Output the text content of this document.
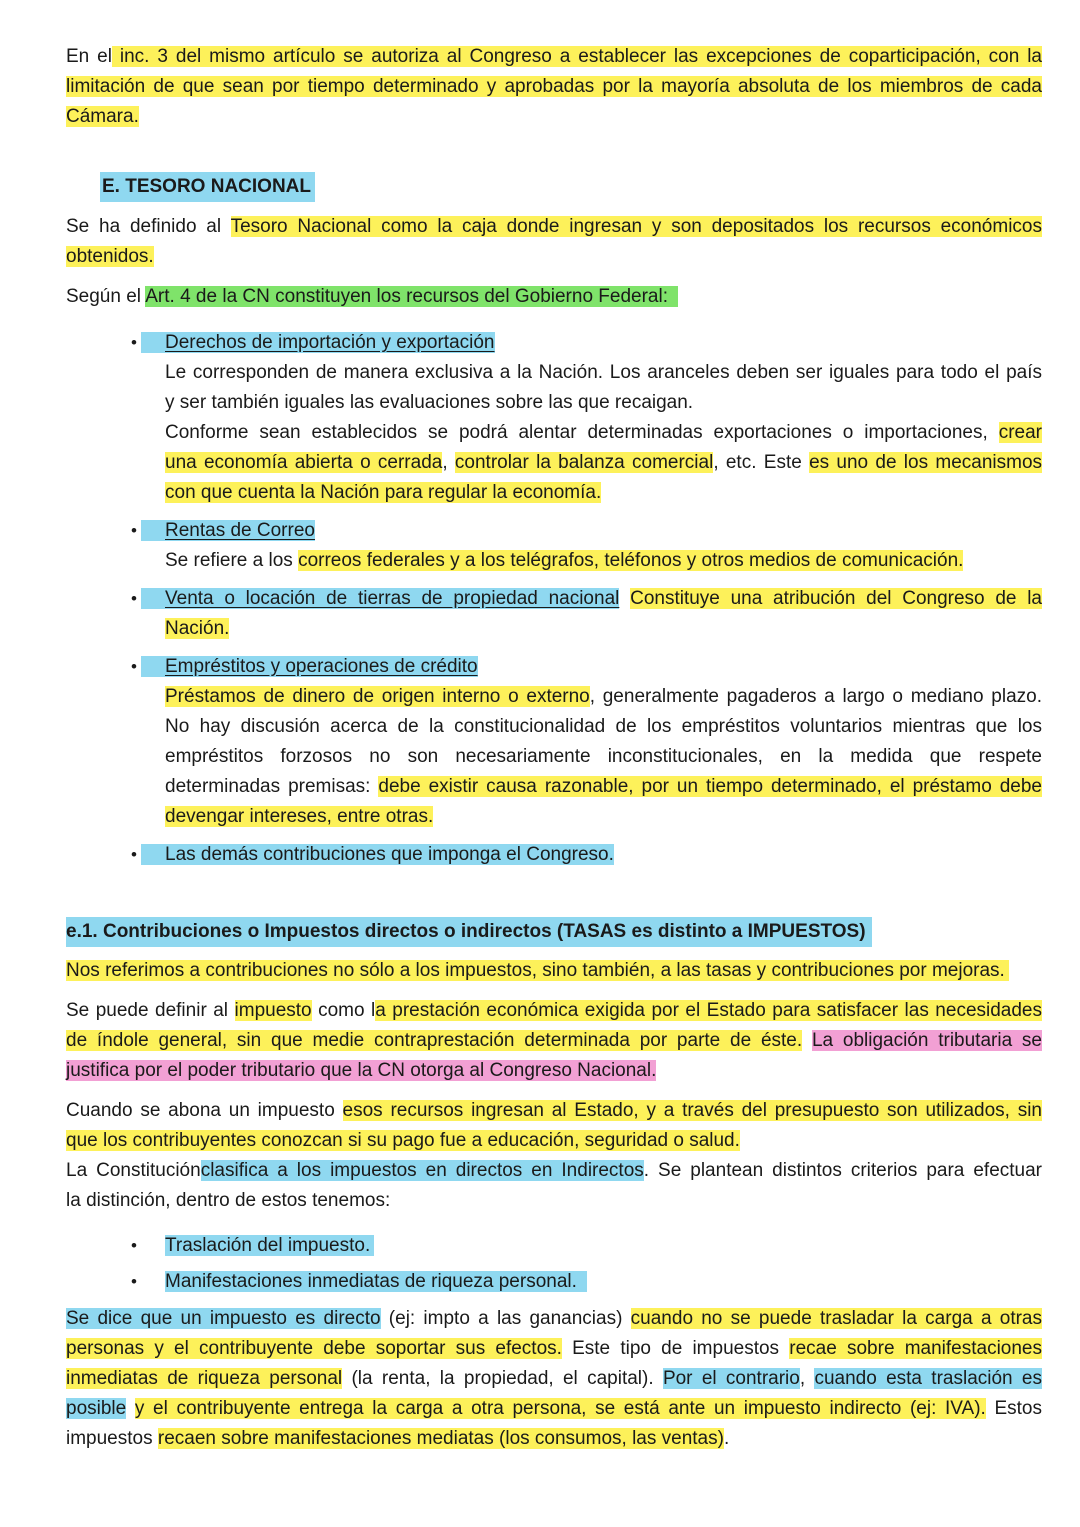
En el inc. 3 del mismo artículo se autoriza al Congreso a establecer las excepciones de coparticipación, con la
limitación de que sean por tiempo determinado y aprobadas por la mayoría absoluta de los miembros de cada
Cámara.
E. TESORO NACIONAL
Se ha definido al Tesoro Nacional como la caja donde ingresan y son depositados los recursos económicos
obtenidos.
Según el Art. 4 de la CN constituyen los recursos del Gobierno Federal:
•	Derechos de importación y exportación
Le corresponden de manera exclusiva a la Nación. Los aranceles deben ser iguales para todo el país
y ser también iguales las evaluaciones sobre las que recaigan.
Conforme sean establecidos se podrá alentar determinadas exportaciones o importaciones, crear
una economía abierta o cerrada, controlar la balanza comercial, etc. Este es uno de los mecanismos
con que cuenta la Nación para regular la economía.
•	Rentas de Correo
Se refiere a los correos federales y a los telégrafos, teléfonos y otros medios de comunicación.
•	Venta o locación de tierras de propiedad nacional Constituye una atribución del Congreso de la
Nación.
•	Empréstitos y operaciones de crédito
Préstamos de dinero de origen interno o externo, generalmente pagaderos a largo o mediano plazo.
No hay discusión acerca de la constitucionalidad de los empréstitos voluntarios mientras que los
empréstitos forzosos no son necesariamente inconstitucionales, en la medida que respete
determinadas premisas: debe existir causa razonable, por un tiempo determinado, el préstamo debe
devengar intereses, entre otras.
•	Las demás contribuciones que imponga el Congreso.
e.1. Contribuciones o Impuestos directos o indirectos (TASAS es distinto a IMPUESTOS)
Nos referimos a contribuciones no sólo a los impuestos, sino también, a las tasas y contribuciones por mejoras.
Se puede definir al impuesto como la prestación económica exigida por el Estado para satisfacer las necesidades
de índole general, sin que medie contraprestación determinada por parte de éste. La obligación tributaria se
justifica por el poder tributario que la CN otorga al Congreso Nacional.
Cuando se abona un impuesto esos recursos ingresan al Estado, y a través del presupuesto son utilizados, sin
que los contribuyentes conozcan si su pago fue a educación, seguridad o salud.
La Constituciónclasifica a los impuestos en directos en Indirectos. Se plantean distintos criterios para efectuar
la distinción, dentro de estos tenemos:
•	Traslación del impuesto.
•	Manifestaciones inmediatas de riqueza personal.
Se dice que un impuesto es directo (ej: impto a las ganancias) cuando no se puede trasladar la carga a otras
personas y el contribuyente debe soportar sus efectos. Este tipo de impuestos recae sobre manifestaciones
inmediatas de riqueza personal (la renta, la propiedad, el capital). Por el contrario, cuando esta traslación es
posible y el contribuyente entrega la carga a otra persona, se está ante un impuesto indirecto (ej: IVA). Estos
impuestos recaen sobre manifestaciones mediatas (los consumos, las ventas).
